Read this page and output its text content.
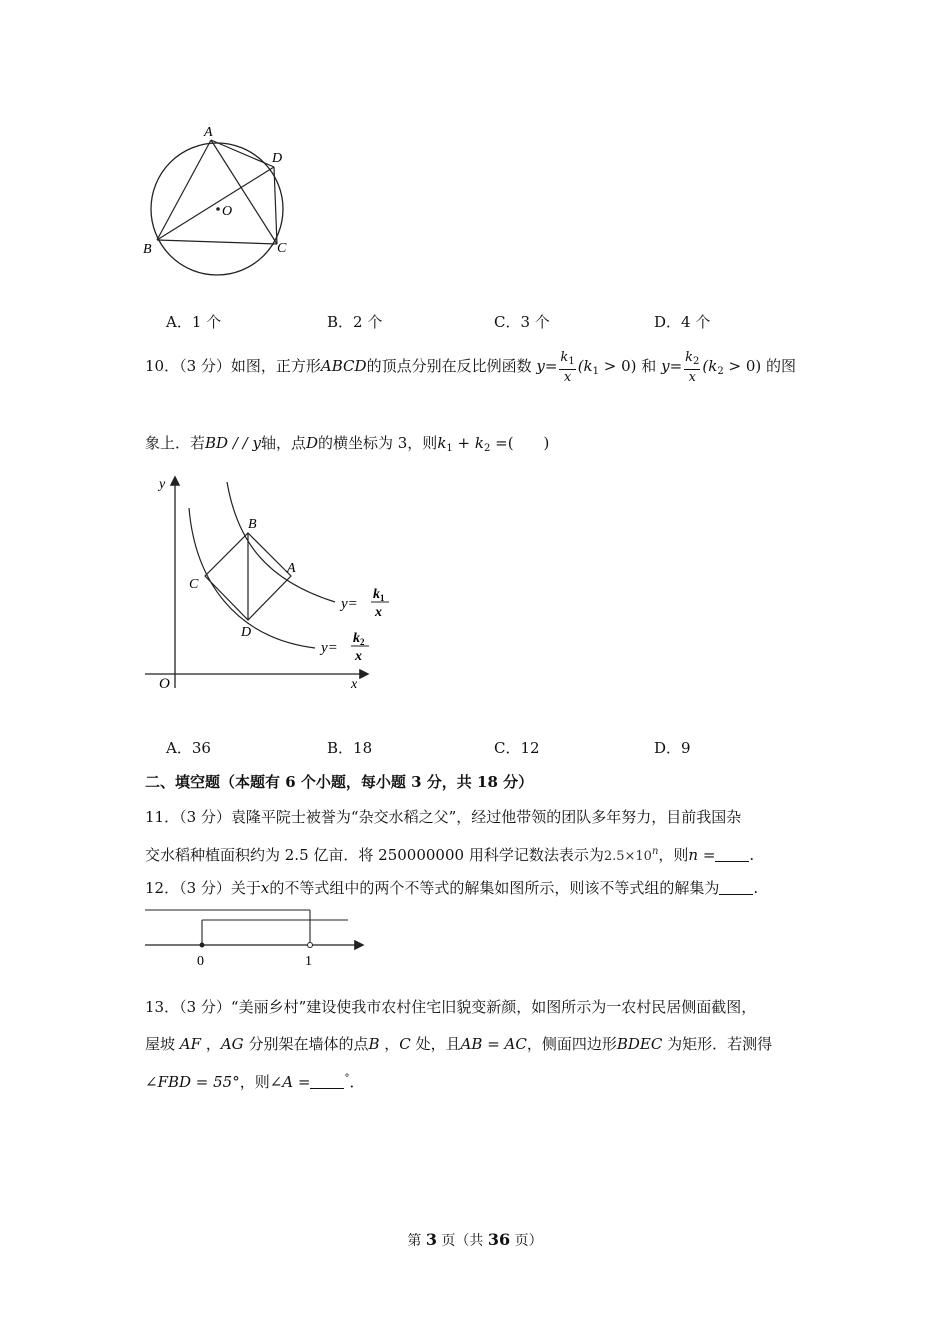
A
D
O
B	C
A．1 个	B．2 个	C．3 个	D．4 个
10．（3 分）如图，正方形ABCD的顶点分别在反比例函数 $y= \frac{k_1}{x} (k_1 > 0)$ 和 $y= \frac{k_2}{x} (k_2 > 0)$ 的图
象上．若BD / / y轴，点D的横坐标为 3，则$k_1 + k_2$ =(　　)
y
x
O
B
A
C
D
y=
$k_1$
x
y=
$k_2$
x
A．36	B．18	C．12	D．9
二、填空题（本题有 6 个小题，每小题 3 分，共 18 分）
11．（3 分）袁隆平院士被誉为“杂交水稻之父”，经过他带领的团队多年努力，目前我国杂
交水稻种植面积约为 2.5 亿亩．将 250000000 用科学记数法表示为$2.5\times 10^n$，则n = .
12．（3 分）关于x的不等式组中的两个不等式的解集如图所示，则该不等式组的解集为 .
0	1
13．（3 分）“美丽乡村”建设使我市农村住宅旧貌变新颜，如图所示为一农村民居侧面截图，
屋坡 AF ，AG 分别架在墙体的点B ，C 处，且AB = AC，侧面四边形BDEC 为矩形．若测得
∠FBD = 55°，则∠A =	°．
第 3 页（共 36 页）
